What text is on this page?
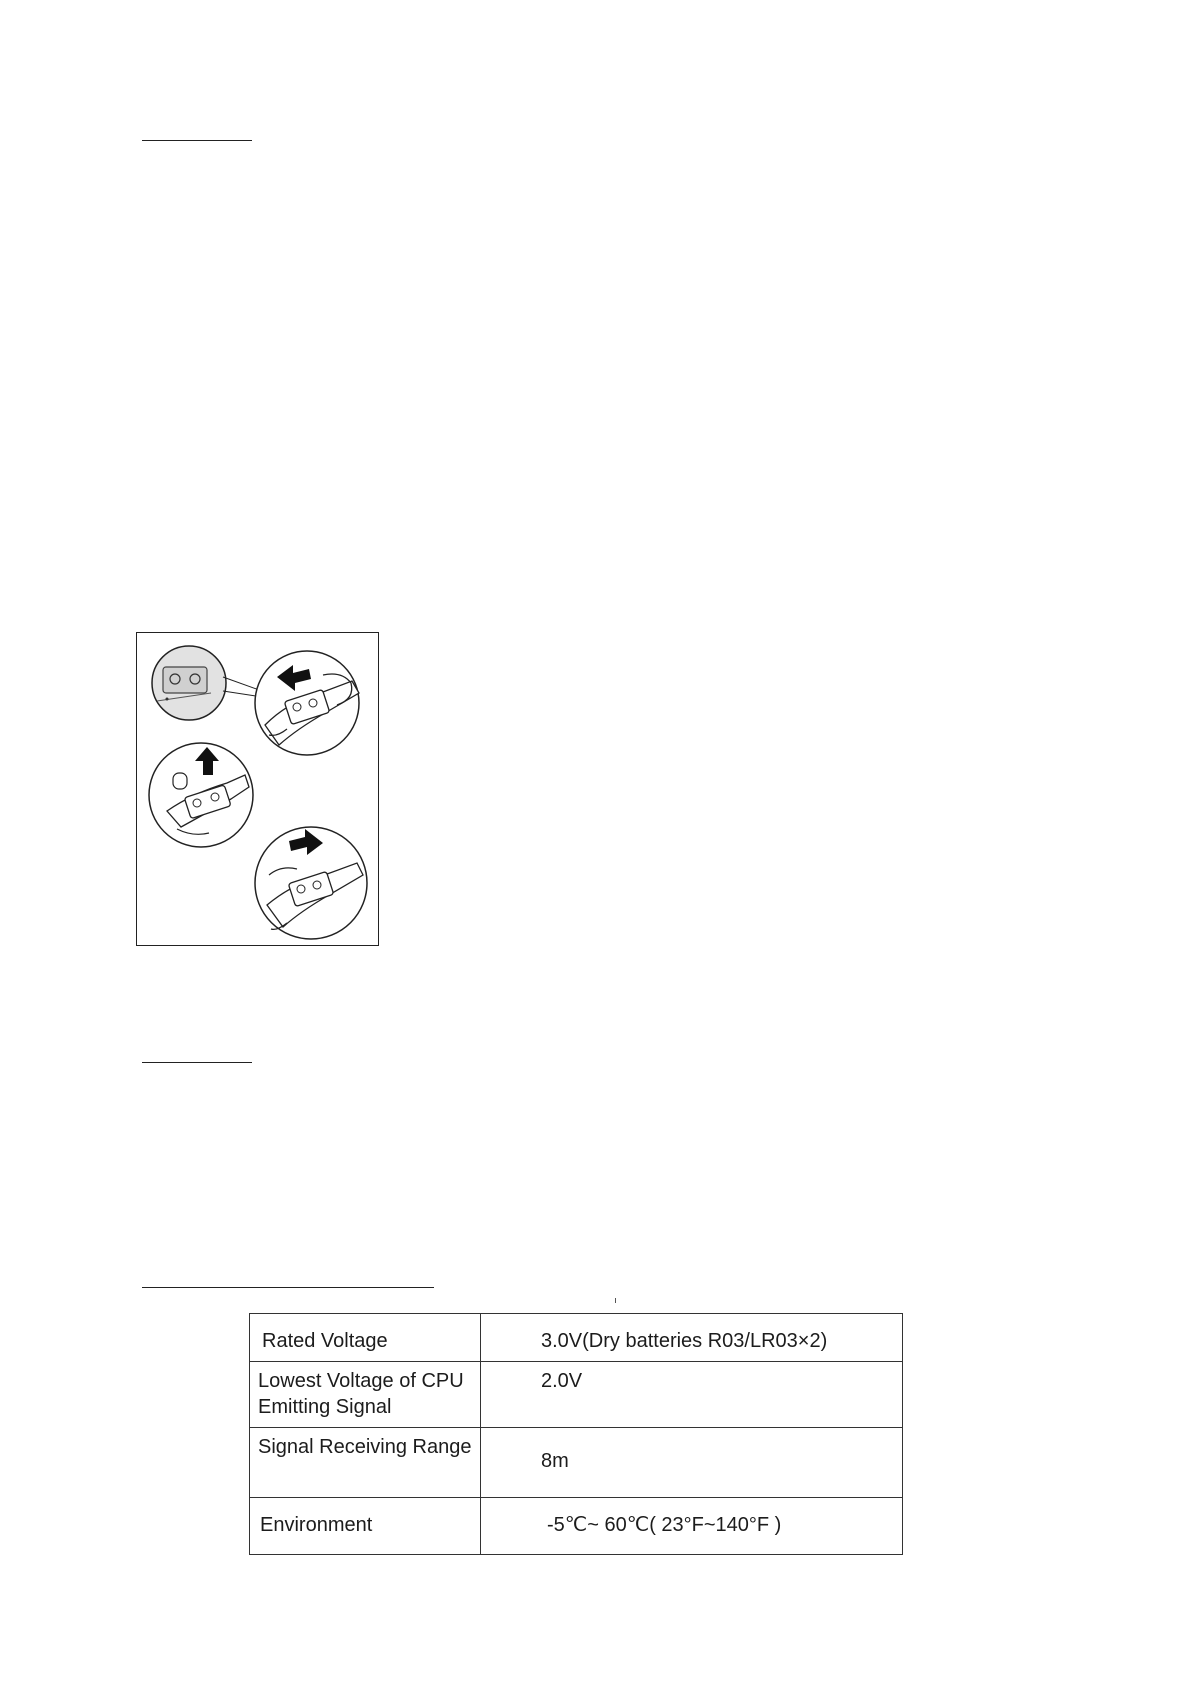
Rated Voltage	3.0V(Dry batteries R03/LR03×2)
Lowest Voltage of CPU Emitting Signal	2.0V
Signal Receiving Range	8m
Environment	-5℃~ 60℃( 23°F~140°F )
